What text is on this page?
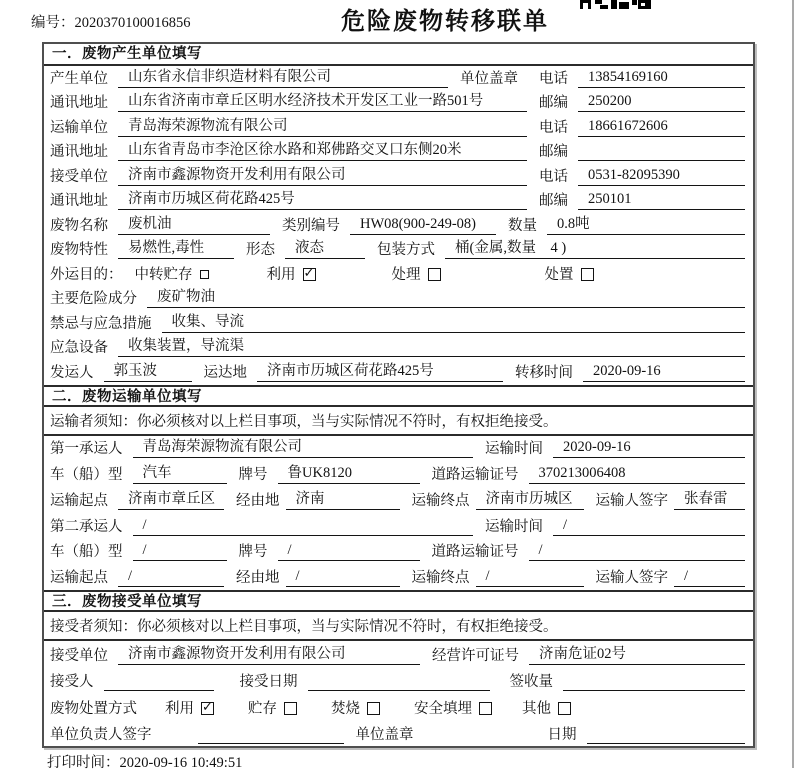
编号：2020370100016856	危险废物转移联单
一．废物产生单位填写
产生单位	山东省永信非织造材料有限公司	单位盖章 电话	13854169160
通讯地址	山东省济南市章丘区明水经济技术开发区工业一路501号	邮编	250200
运输单位	青岛海荣源物流有限公司	电话	18661672606
通讯地址	山东省青岛市李沧区徐水路和郑佛路交叉口东侧20米	邮编
接受单位	济南市鑫源物资开发利用有限公司	电话	0531-82095390
通讯地址	济南市历城区荷花路425号	邮编	250101
废物名称	废机油	类别编号	HW08(900-249-08)	数量	0.8吨
废物特性	易燃性,毒性	形态	液态	包装方式	桶(金属,数量　4 )
外运目的： 中转贮存	利用 ✓	处理	处置
主要危险成分	废矿物油
禁忌与应急措施	收集、导流
应急设备	收集装置，导流渠
发运人	郭玉波	运达地	济南市历城区荷花路425号	转移时间	2020-09-16
二．废物运输单位填写
运输者须知：你必须核对以上栏目事项，当与实际情况不符时，有权拒绝接受。
第一承运人	青岛海荣源物流有限公司	运输时间	2020-09-16
车（船）型	汽车	牌号	鲁UK8120	道路运输证号	370213006408
运输起点	济南市章丘区	经由地	济南	运输终点	济南市历城区	运输人签字	张春雷
第二承运人	/	运输时间	/
车（船）型	/	牌号	/	道路运输证号	/
运输起点	/	经由地	/	运输终点	/	运输人签字	/
三．废物接受单位填写
接受者须知：你必须核对以上栏目事项，当与实际情况不符时，有权拒绝接受。
接受单位	济南市鑫源物资开发利用有限公司	经营许可证号	济南危证02号
接受人	接受日期	签收量
废物处置方式 利用 ✓	贮存	焚烧	安全填埋	其他
单位负责人签字	单位盖章	日期
打印时间：2020-09-16 10:49:51
